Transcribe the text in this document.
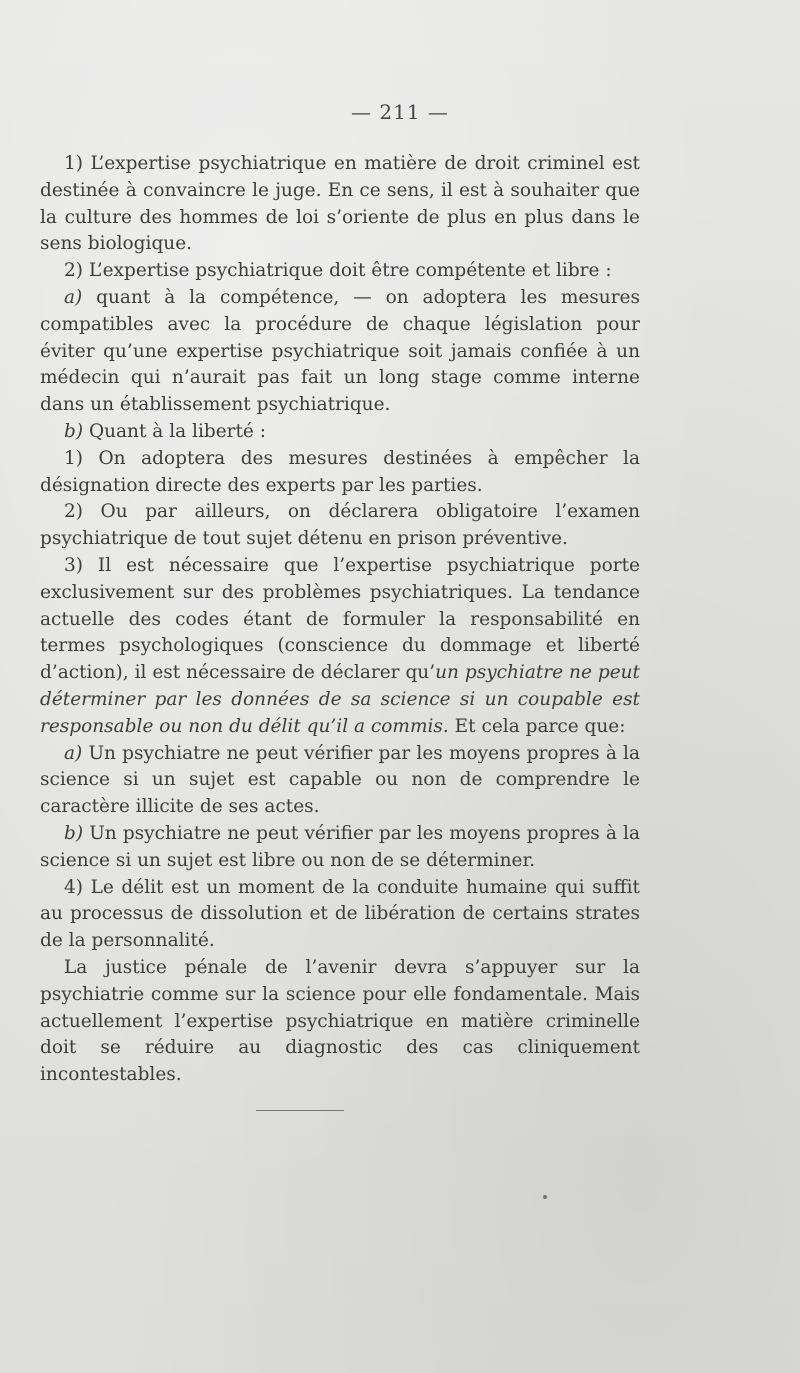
— 211 —

1) L’expertise psychiatrique en matière de droit criminel est destinée à convaincre le juge. En ce sens, il est à souhaiter que la culture des hommes de loi s’oriente de plus en plus dans le sens biologique.

2) L’expertise psychiatrique doit être compétente et libre :

a) quant à la compétence, — on adoptera les mesures compatibles avec la procédure de chaque législation pour éviter qu’une expertise psychiatrique soit jamais confiée à un médecin qui n’aurait pas fait un long stage comme interne dans un établissement psychiatrique.

b) Quant à la liberté :

1) On adoptera des mesures destinées à empêcher la désignation directe des experts par les parties.

2) Ou par ailleurs, on déclarera obligatoire l’examen psychiatrique de tout sujet détenu en prison préventive.

3) Il est nécessaire que l’expertise psychiatrique porte exclusivement sur des problèmes psychiatriques. La tendance actuelle des codes étant de formuler la responsabilité en termes psychologiques (conscience du dommage et liberté d’action), il est nécessaire de déclarer qu’un psychiatre ne peut déterminer par les données de sa science si un coupable est responsable ou non du délit qu’il a commis. Et cela parce que:

a) Un psychiatre ne peut vérifier par les moyens propres à la science si un sujet est capable ou non de comprendre le caractère illicite de ses actes.

b) Un psychiatre ne peut vérifier par les moyens propres à la science si un sujet est libre ou non de se déterminer.

4) Le délit est un moment de la conduite humaine qui suffit au processus de dissolution et de libération de certains strates de la personnalité.

La justice pénale de l’avenir devra s’appuyer sur la psychiatrie comme sur la science pour elle fondamentale. Mais actuellement l’expertise psychiatrique en matière criminelle doit se réduire au diagnostic des cas cliniquement incontestables.
